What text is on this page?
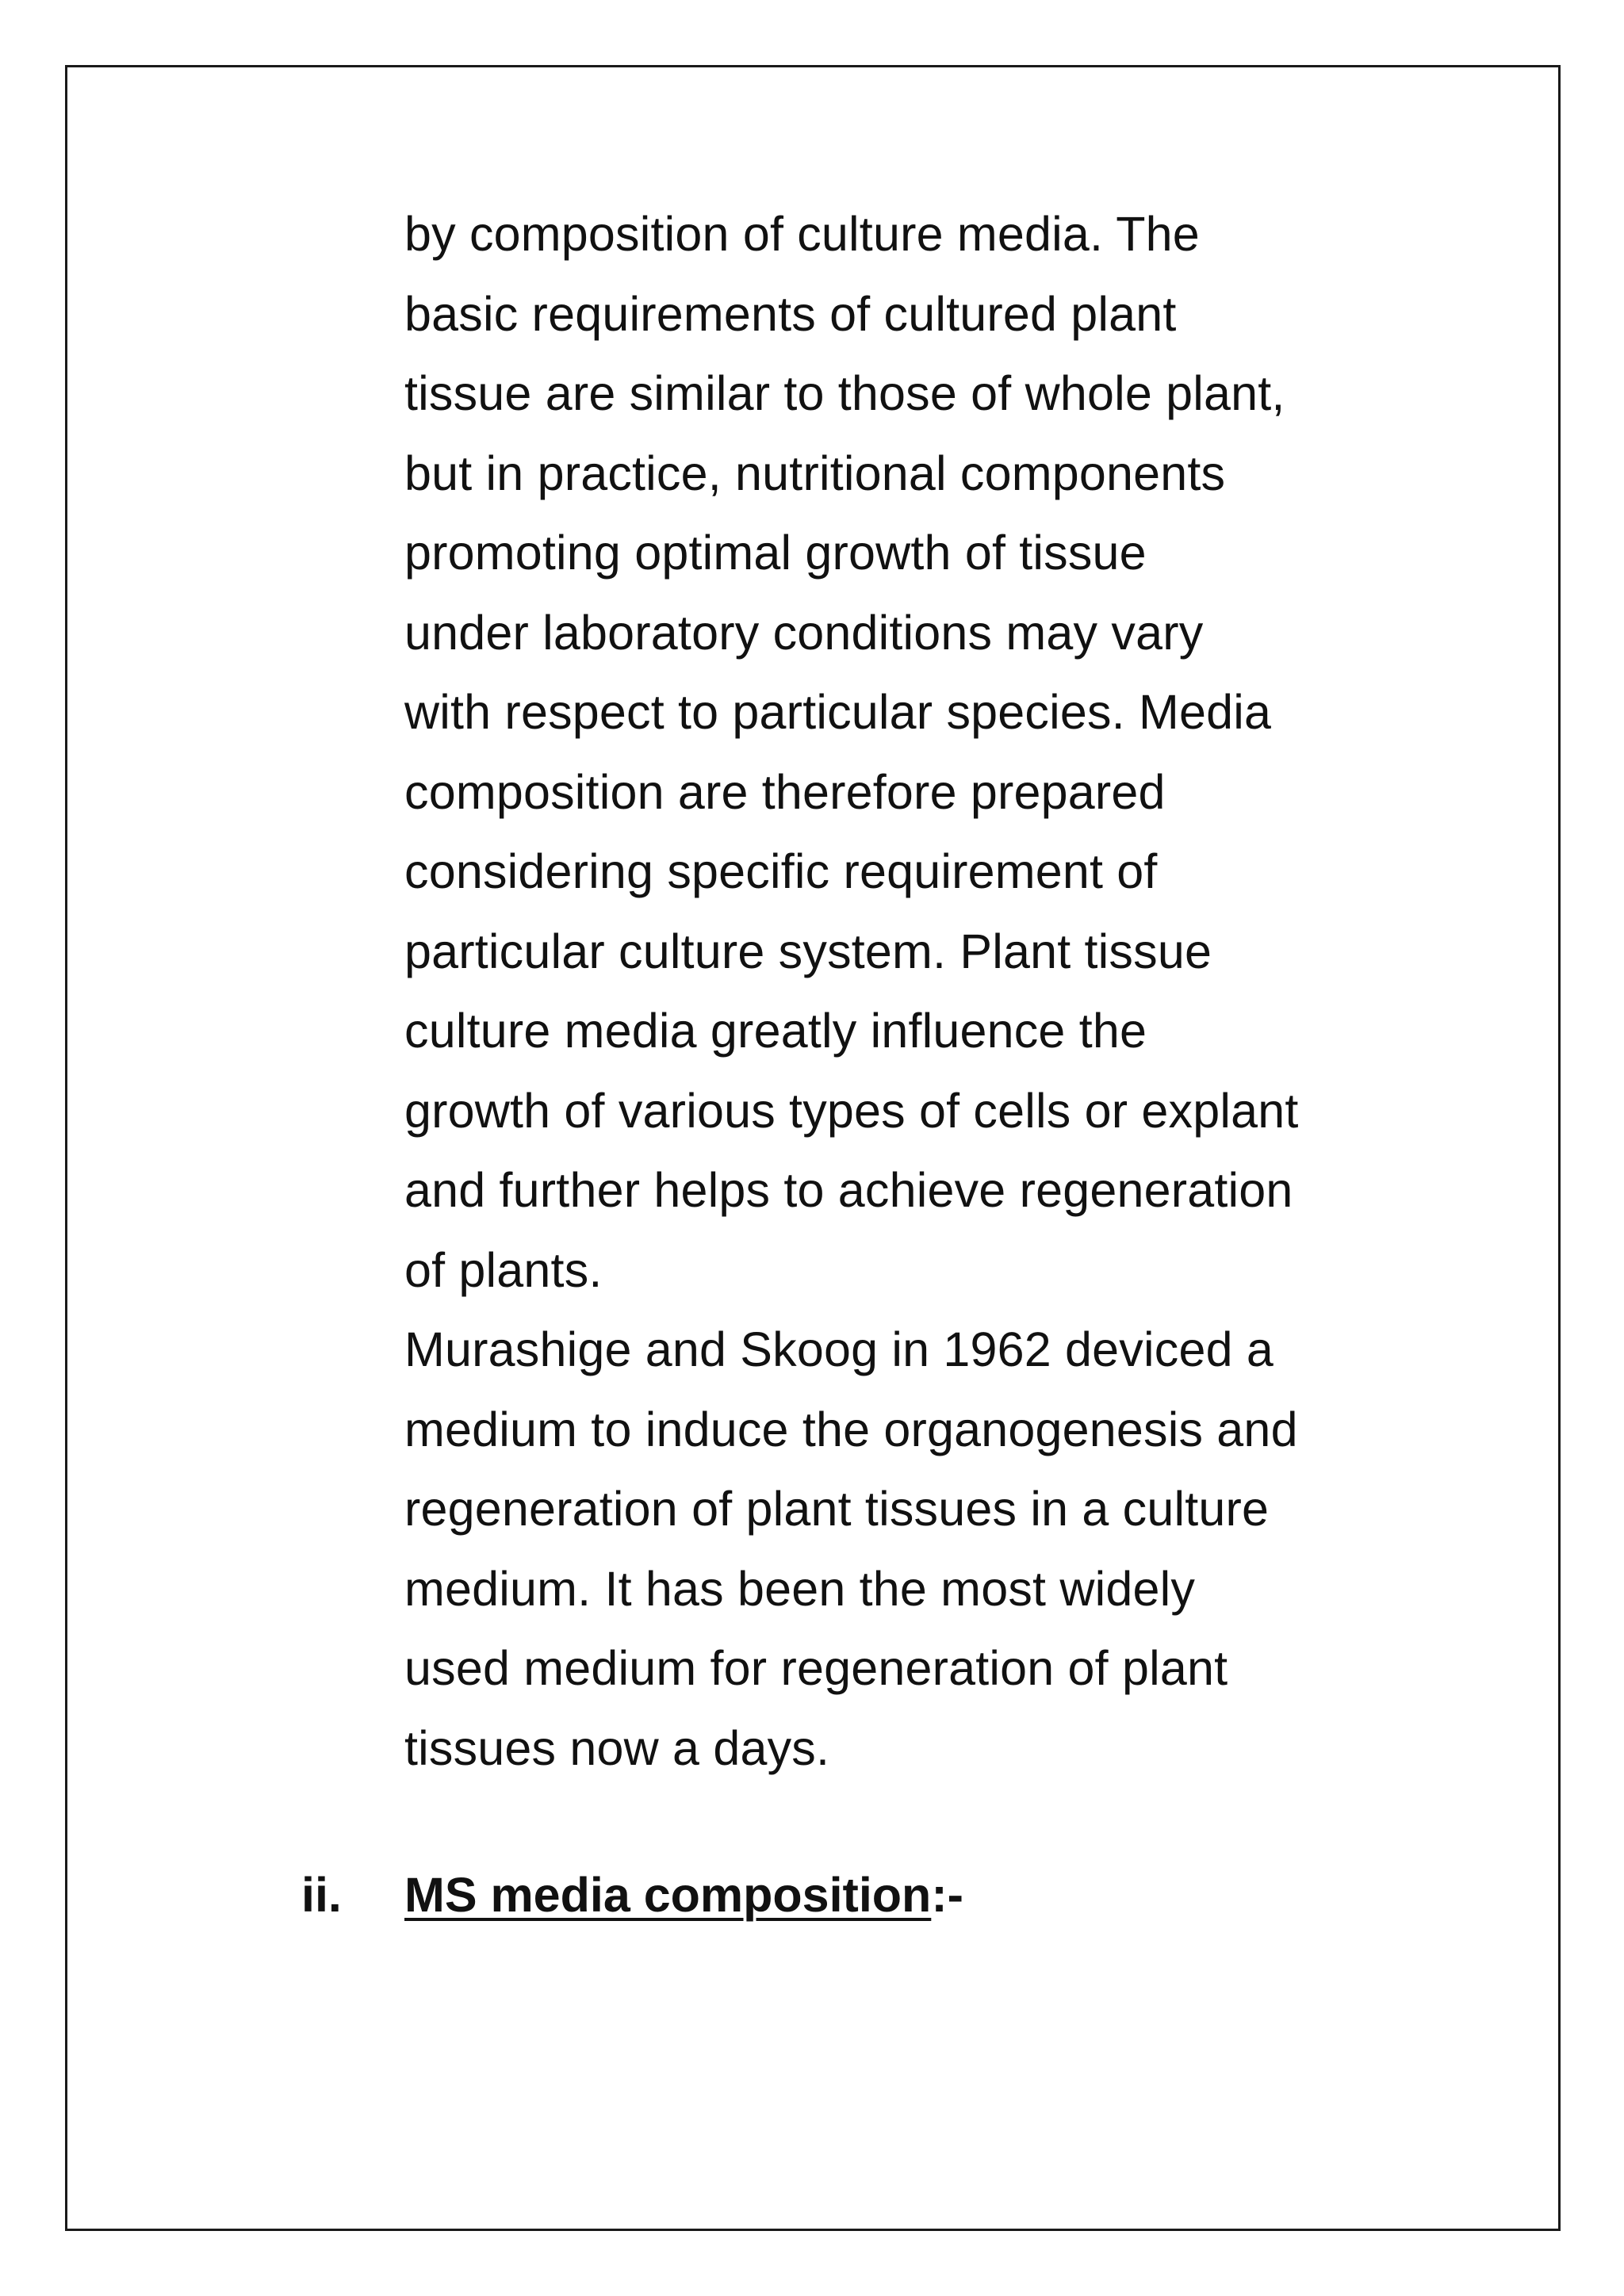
by composition of culture media. The
basic requirements of cultured plant
tissue are similar to those of whole plant,
but in practice, nutritional components
promoting optimal growth of tissue
under laboratory conditions may vary
with respect to particular species. Media
composition are therefore prepared
considering specific requirement of
particular culture system. Plant tissue
culture media greatly influence the
growth of various types of cells or explant
and further helps to achieve regeneration
of plants.
Murashige and Skoog in 1962 deviced a
medium to induce the organogenesis and
regeneration of plant tissues in a culture
medium. It has been the most widely
used medium for regeneration of plant
tissues now a days.
ii. MS media composition:-
